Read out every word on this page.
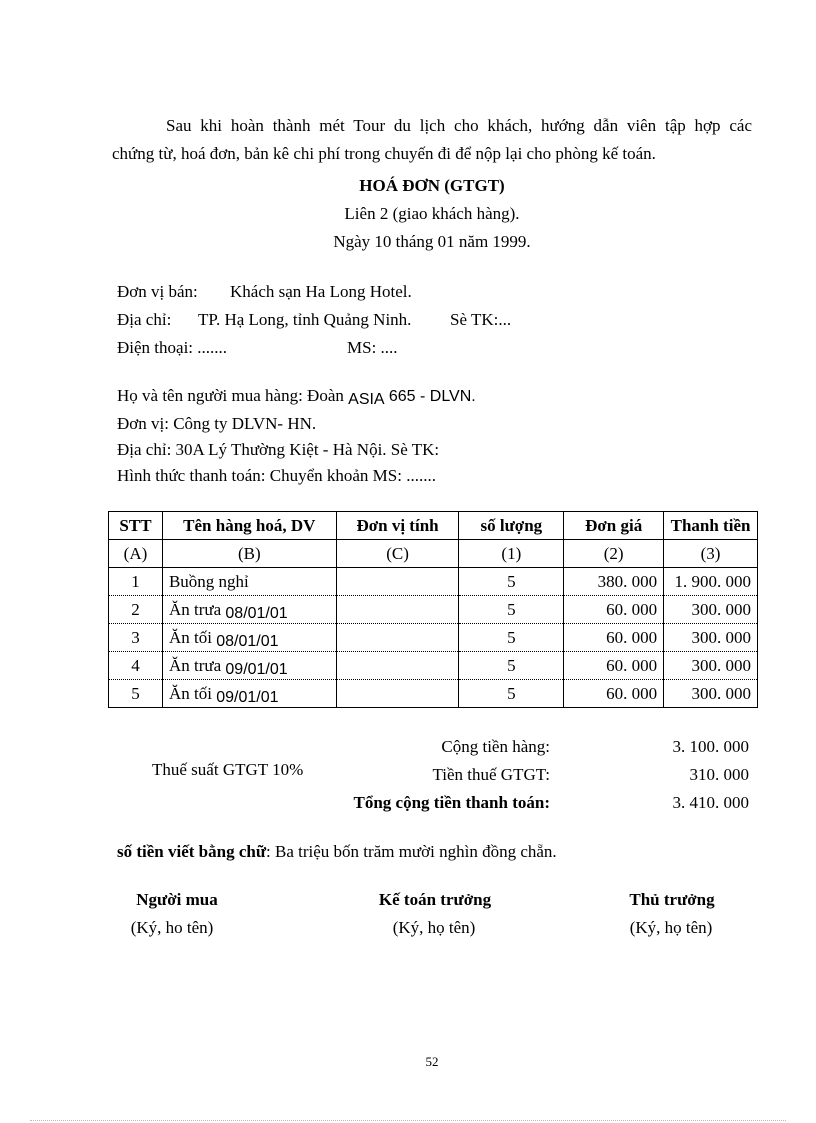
Sau khi hoàn thành mét Tour du lịch cho khách, hướng dẫn viên tập hợp các

chứng từ, hoá đơn, bản kê chi phí trong chuyến đi để nộp lại cho phòng kế toán.

HOÁ ĐƠN (GTGT)
Liên 2 (giao khách hàng).
Ngày 10 tháng 01 năm 1999.
Đơn vị bán: Khách sạn Ha Long Hotel.
Địa chỉ: TP. Hạ Long, tỉnh Quảng Ninh. Sè TK:...
Điện thoại: .......	MS: ....
Họ và tên người mua hàng: Đoàn ASIA 665 - DLVN.
Đơn vị: Công ty DLVN- HN.
Địa chỉ: 30A Lý Thường Kiệt - Hà Nội. Sè TK:
Hình thức thanh toán: Chuyển khoản MS: .......
STT	Tên hàng hoá, DV	Đơn vị tính	số lượng	Đơn giá	Thanh tiền
(A)	(B)	(C)	(1)	(2)	(3)
1	Buồng nghỉ		5	380. 000	1. 900. 000
2	Ăn trưa 08/01/01		5	60. 000	300. 000
3	Ăn tối 08/01/01		5	60. 000	300. 000
4	Ăn trưa 09/01/01		5	60. 000	300. 000
5	Ăn tối 09/01/01		5	60. 000	300. 000
Cộng tiền hàng:	3. 100. 000
Thuế suất GTGT 10%	Tiền thuế GTGT:	310. 000
Tổng cộng tiền thanh toán:	3. 410. 000
số tiền viết bằng chữ: Ba triệu bốn trăm mười nghìn đồng chẵn.
Người mua
(Ký, ho tên)
Kế toán trưởng
(Ký, họ tên)
Thủ trưởng
(Ký, họ tên)
52
